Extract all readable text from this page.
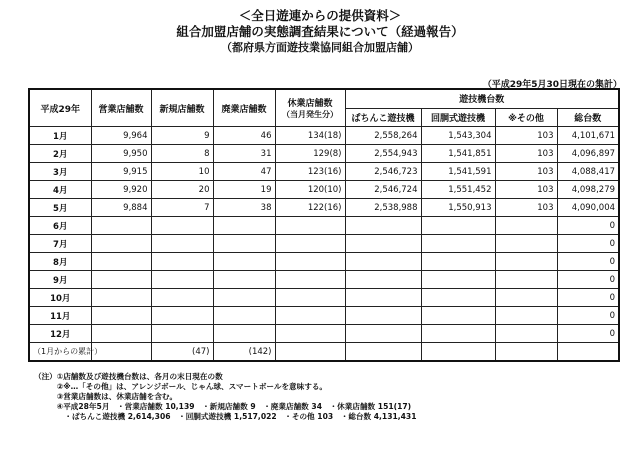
＜全日遊連からの提供資料＞
組合加盟店舗の実態調査結果について（経過報告）
（都府県方面遊技業協同組合加盟店舗）
（平成29年5月30日現在の集計）
平成29年	営業店舗数	新規店舗数	廃業店舗数	休業店舗数
（当月発生分）	遊技機台数			
					ぱちんこ遊技機	回胴式遊技機	※その他	総台数
1月	9,964	9	46	134(18)	2,558,264	1,543,304	103	4,101,671
2月	9,950	8	31	129(8)	2,554,943	1,541,851	103	4,096,897
3月	9,915	10	47	123(16)	2,546,723	1,541,591	103	4,088,417
4月	9,920	20	19	120(10)	2,546,724	1,551,452	103	4,098,279
5月	9,884	7	38	122(16)	2,538,988	1,550,913	103	4,090,004
6月								0
7月								0
8月								0
9月								0
10月								0
11月								0
12月								0
（1月からの累計）		(47)	(142)					
（注）①店舗数及び遊技機台数は、各月の末日現在の数
　　　②※…「その他」は、アレンジボール、じゃん球、スマートボールを意味する。
　　　③営業店舗数は、休業店舗を含む。
　　　④平成28年5月　・営業店舗数 10,139　・新規店舗数 9　・廃業店舗数 34　・休業店舗数 151(17)
　　　　・ぱちんこ遊技機 2,614,306　・回胴式遊技機 1,517,022　・その他 103　・総台数 4,131,431
